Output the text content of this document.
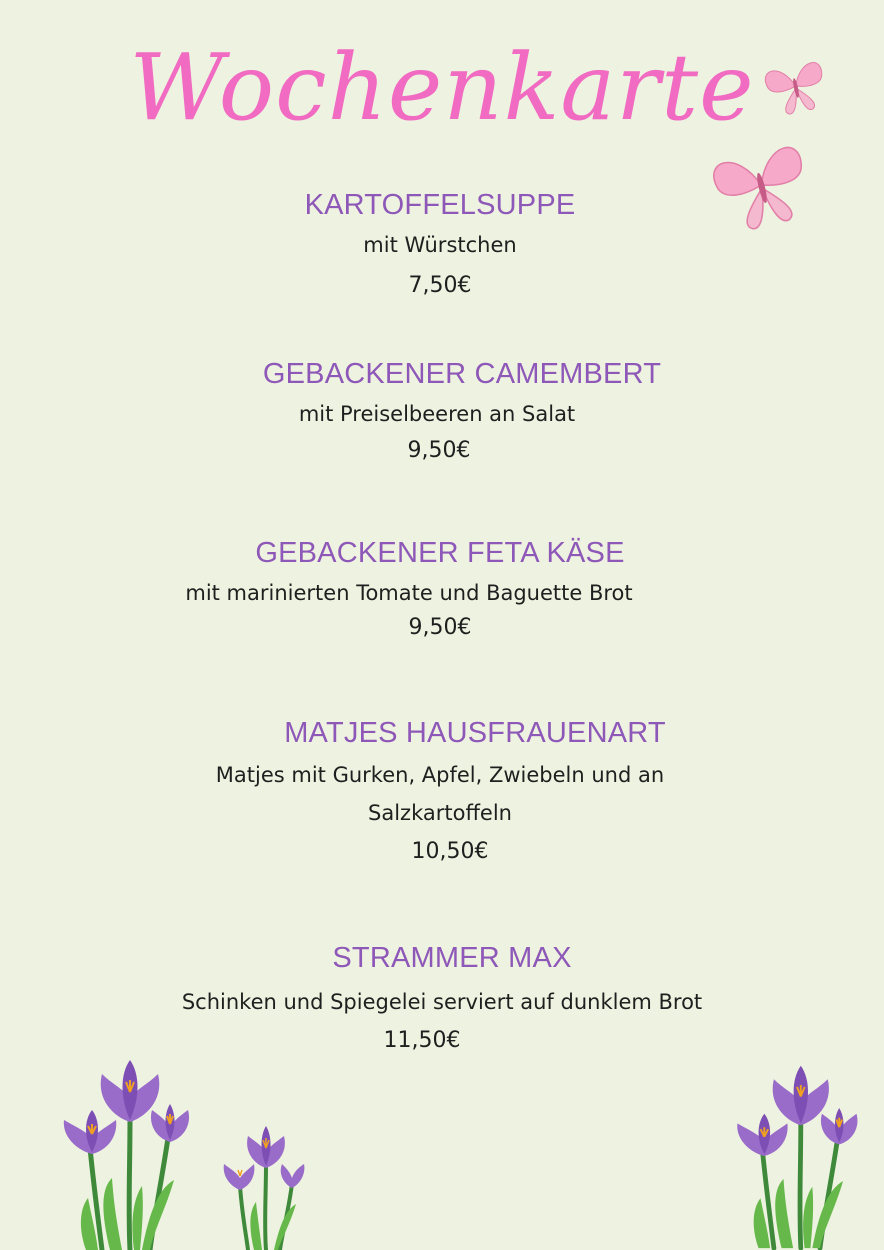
Wochenkarte
KARTOFFELSUPPE
mit Würstchen
7,50€
GEBACKENER CAMEMBERT
mit Preiselbeeren an Salat
9,50€
GEBACKENER FETA KÄSE
mit marinierten Tomate und Baguette Brot
9,50€
MATJES HAUSFRAUENART
Matjes mit Gurken, Apfel, Zwiebeln und an
Salzkartoffeln
10,50€
STRAMMER MAX
Schinken und Spiegelei serviert auf dunklem Brot
11,50€
